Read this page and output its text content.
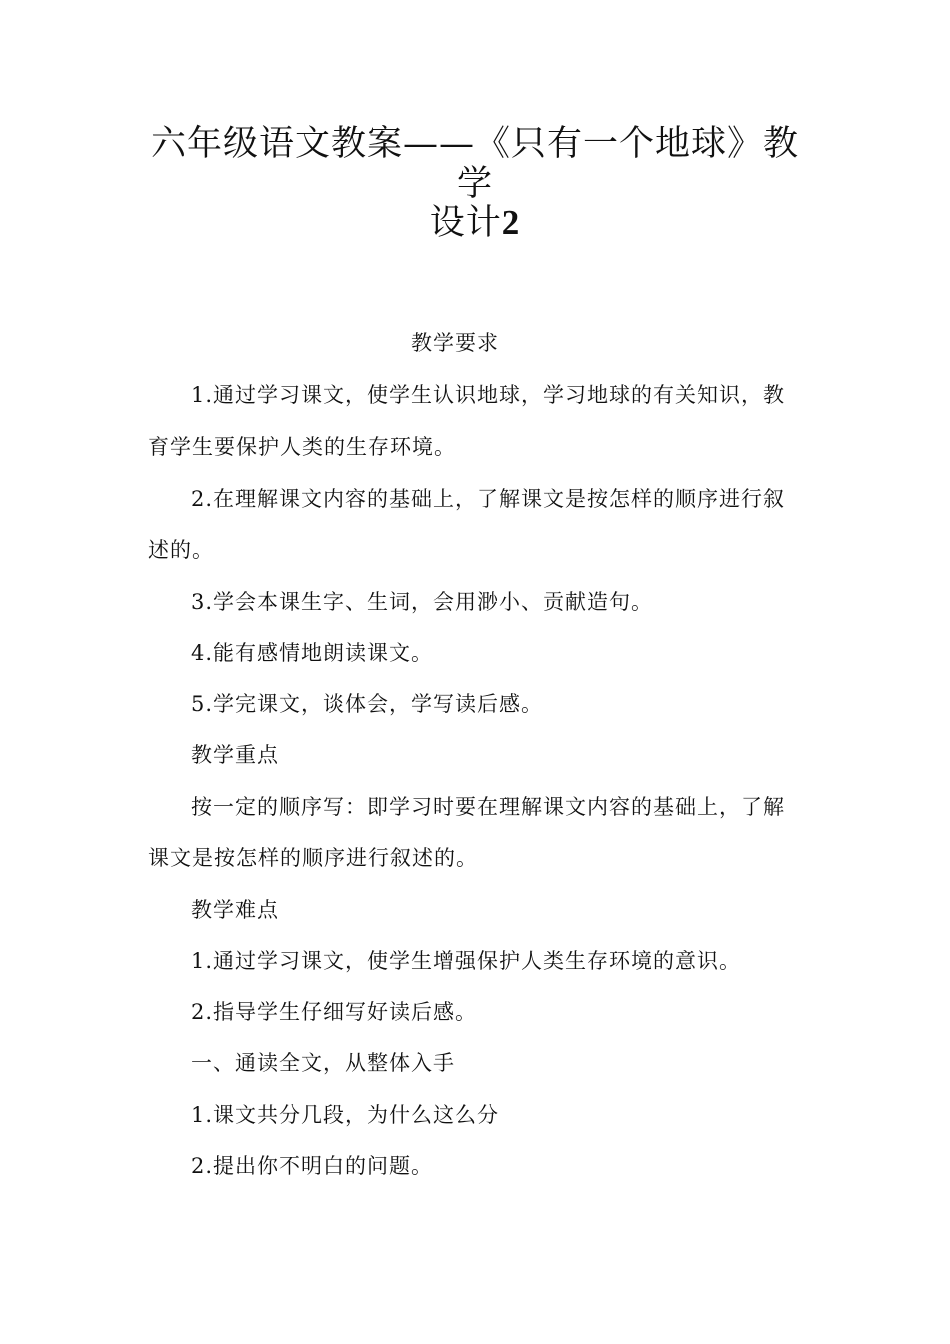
六年级语文教案——《只有一个地球》教学
设计2
教学要求
1.通过学习课文，使学生认识地球，学习地球的有关知识，教
育学生要保护人类的生存环境。
2.在理解课文内容的基础上，了解课文是按怎样的顺序进行叙
述的。
3.学会本课生字、生词，会用渺小、贡献造句。
4.能有感情地朗读课文。
5.学完课文，谈体会，学写读后感。
教学重点
按一定的顺序写：即学习时要在理解课文内容的基础上，了解
课文是按怎样的顺序进行叙述的。
教学难点
1.通过学习课文，使学生增强保护人类生存环境的意识。
2.指导学生仔细写好读后感。
一、通读全文，从整体入手
1.课文共分几段，为什么这么分
2.提出你不明白的问题。
